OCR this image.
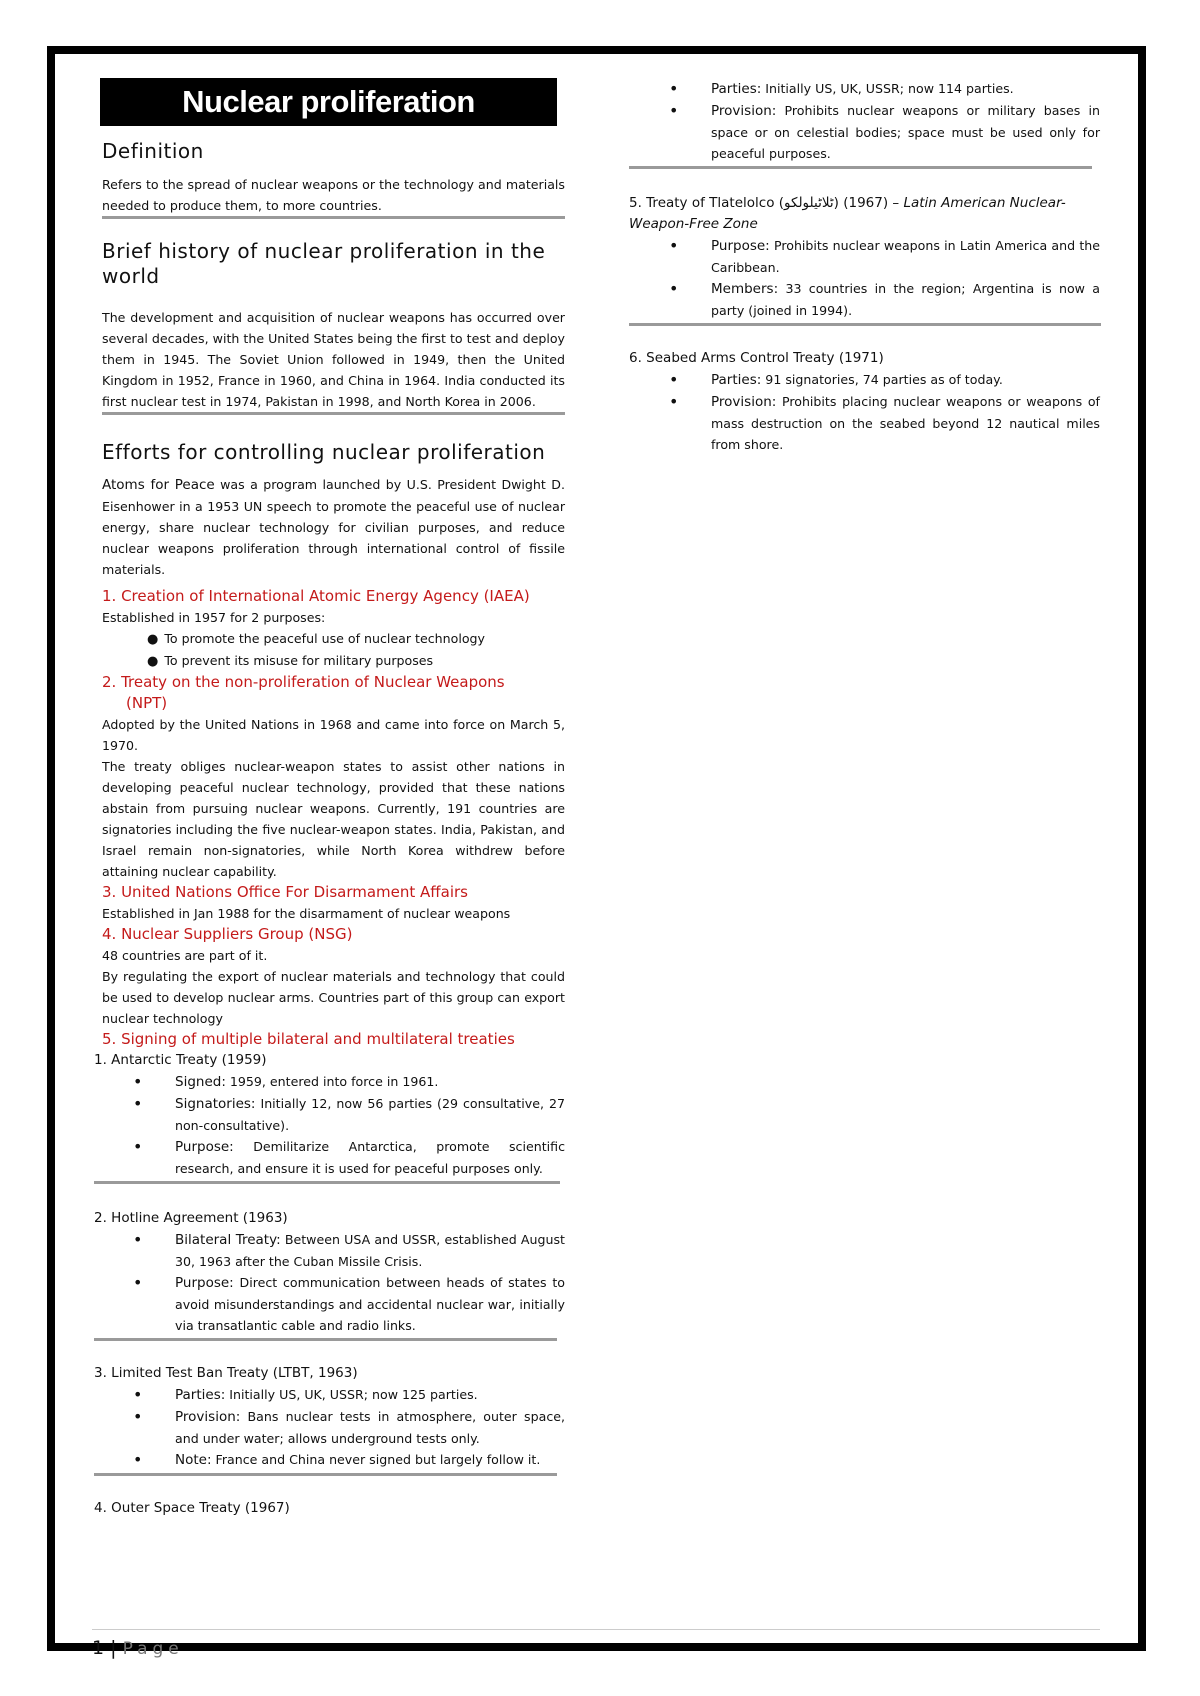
Nuclear proliferation
Definition

Refers to the spread of nuclear weapons or the technology and materials needed to produce them, to more countries.

Brief history of nuclear proliferation in the world

The development and acquisition of nuclear weapons has occurred over several decades, with the United States being the first to test and deploy them in 1945. The Soviet Union followed in 1949, then the United Kingdom in 1952, France in 1960, and China in 1964. India conducted its first nuclear test in 1974, Pakistan in 1998, and North Korea in 2006.

Efforts for controlling nuclear proliferation

Atoms for Peace was a program launched by U.S. President Dwight D. Eisenhower in a 1953 UN speech to promote the peaceful use of nuclear energy, share nuclear technology for civilian purposes, and reduce nuclear weapons proliferation through international control of fissile materials.

1. Creation of International Atomic Energy Agency (IAEA)

Established in 1957 for 2 purposes:

● To promote the peaceful use of nuclear technology
● To prevent its misuse for military purposes

2. Treaty on the non-proliferation of Nuclear Weapons

(NPT)

Adopted by the United Nations in 1968 and came into force on March 5, 1970.

The treaty obliges nuclear-weapon states to assist other nations in developing peaceful nuclear technology, provided that these nations abstain from pursuing nuclear weapons. Currently, 191 countries are signatories including the five nuclear-weapon states. India, Pakistan, and Israel remain non-signatories, while North Korea withdrew before attaining nuclear capability.

3. United Nations Office For Disarmament Affairs

Established in Jan 1988 for the disarmament of nuclear weapons

4. Nuclear Suppliers Group (NSG)

48 countries are part of it.

By regulating the export of nuclear materials and technology that could be used to develop nuclear arms. Countries part of this group can export nuclear technology

5. Signing of multiple bilateral and multilateral treaties

1. Antarctic Treaty (1959)

• Signed: 1959, entered into force in 1961.
• Signatories: Initially 12, now 56 parties (29 consultative, 27 non-consultative).
• Purpose: Demilitarize Antarctica, promote scientific research, and ensure it is used for peaceful purposes only.

2. Hotline Agreement (1963)

• Bilateral Treaty: Between USA and USSR, established August 30, 1963 after the Cuban Missile Crisis.
• Purpose: Direct communication between heads of states to avoid misunderstandings and accidental nuclear war, initially via transatlantic cable and radio links.

3. Limited Test Ban Treaty (LTBT, 1963)

• Parties: Initially US, UK, USSR; now 125 parties.
• Provision: Bans nuclear tests in atmosphere, outer space, and under water; allows underground tests only.
• Note: France and China never signed but largely follow it.

4. Outer Space Treaty (1967)

• Parties: Initially US, UK, USSR; now 114 parties.
• Provision: Prohibits nuclear weapons or military bases in space or on celestial bodies; space must be used only for peaceful purposes.

5. Treaty of Tlatelolco (ٹلاٹیلولکو) (1967) – Latin American Nuclear-Weapon-Free Zone

• Purpose: Prohibits nuclear weapons in Latin America and the Caribbean.
• Members: 33 countries in the region; Argentina is now a party (joined in 1994).

6. Seabed Arms Control Treaty (1971)

• Parties: 91 signatories, 74 parties as of today.
• Provision: Prohibits placing nuclear weapons or weapons of mass destruction on the seabed beyond 12 nautical miles from shore.
1 | Page
